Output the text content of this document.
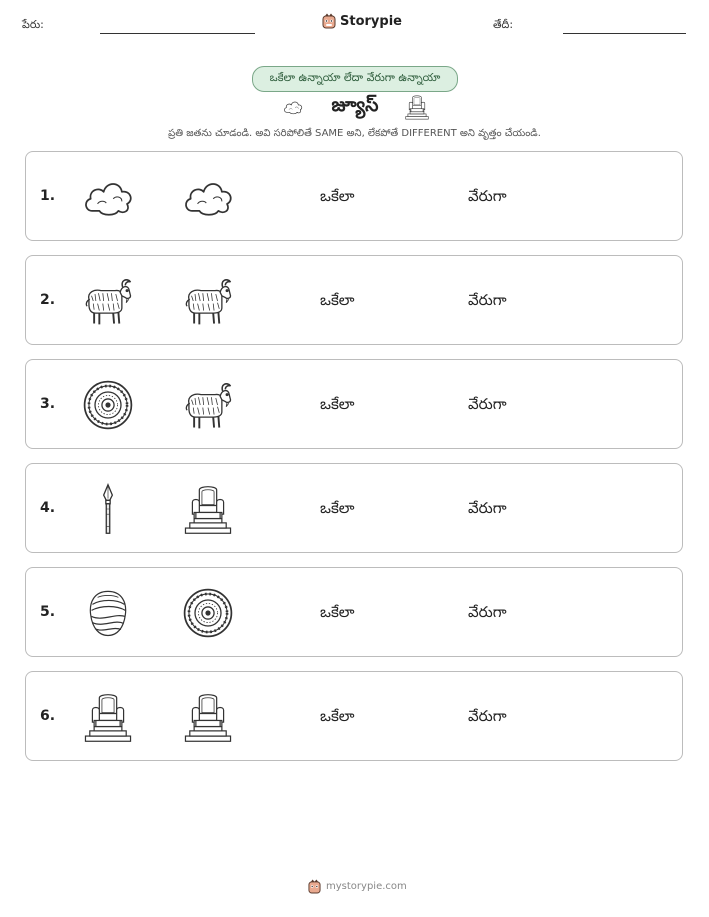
పేరు:	Storypie	తేదీ:
ఒకేలా ఉన్నాయా లేదా వేరుగా ఉన్నాయా
జ్యూస్
ప్రతి జతను చూడండి. అవి సరిపోలితే SAME అని, లేకపోతే DIFFERENT అని వృత్తం చేయండి.
1.	ఒకేలా	వేరుగా
2.	ఒకేలా	వేరుగా
3.	ఒకేలా	వేరుగా
4.	ఒకేలా	వేరుగా
5.	ఒకేలా	వేరుగా
6.	ఒకేలా	వేరుగా
mystorypie.com
